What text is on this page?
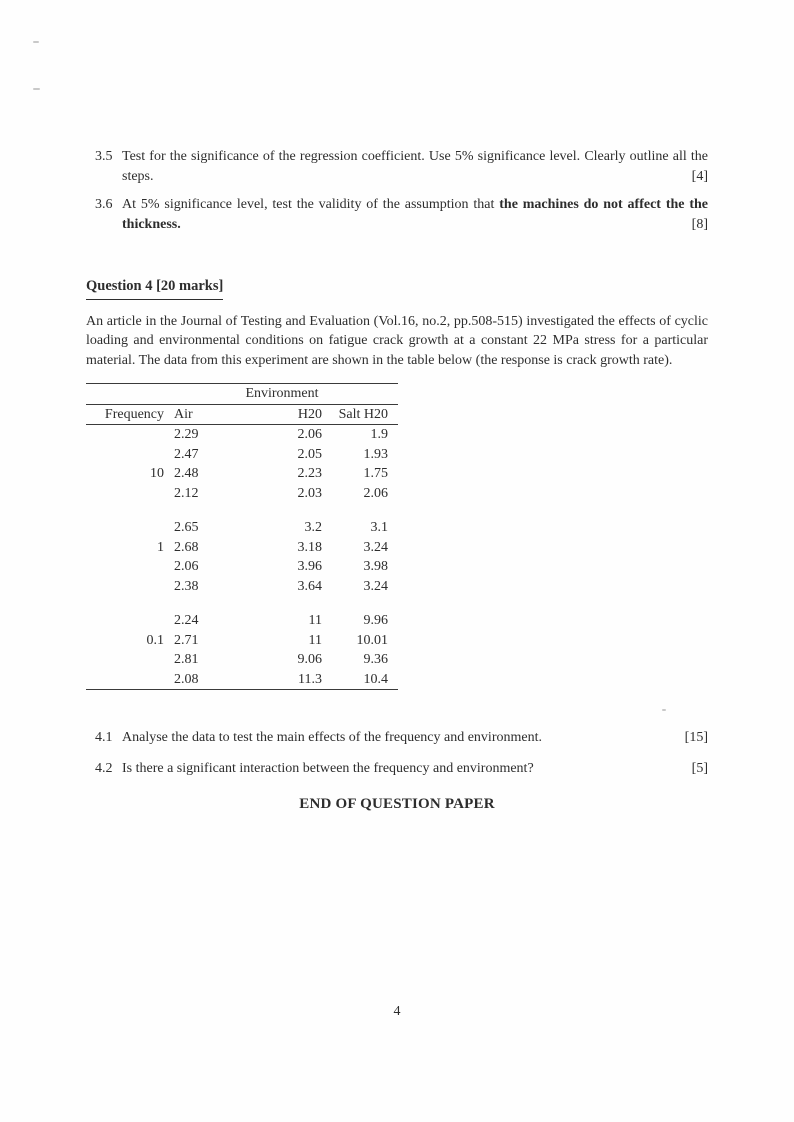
3.5 Test for the significance of the regression coefficient. Use 5% significance level. Clearly outline all the steps.	[4]

3.6 At 5% significance level, test the validity of the assumption that the machines do not affect the the thickness.	[8]

Question 4 [20 marks]

An article in the Journal of Testing and Evaluation (Vol.16, no.2, pp.508-515) investigated the effects of cyclic loading and environmental conditions on fatigue crack growth at a constant 22 MPa stress for a particular material. The data from this experiment are shown in the table below (the response is crack growth rate).

	Environment		
Frequency	Air	H20	Salt H20
	2.29	2.06	1.9
	2.47	2.05	1.93
10	2.48	2.23	1.75
	2.12	2.03	2.06

	2.65	3.2	3.1
1	2.68	3.18	3.24
	2.06	3.96	3.98
	2.38	3.64	3.24

	2.24	11	9.96
0.1	2.71	11	10.01
	2.81	9.06	9.36
	2.08	11.3	10.4

4.1 Analyse the data to test the main effects of the frequency and environment.	[15]

4.2 Is there a significant interaction between the frequency and environment?	[5]

END OF QUESTION PAPER

4
